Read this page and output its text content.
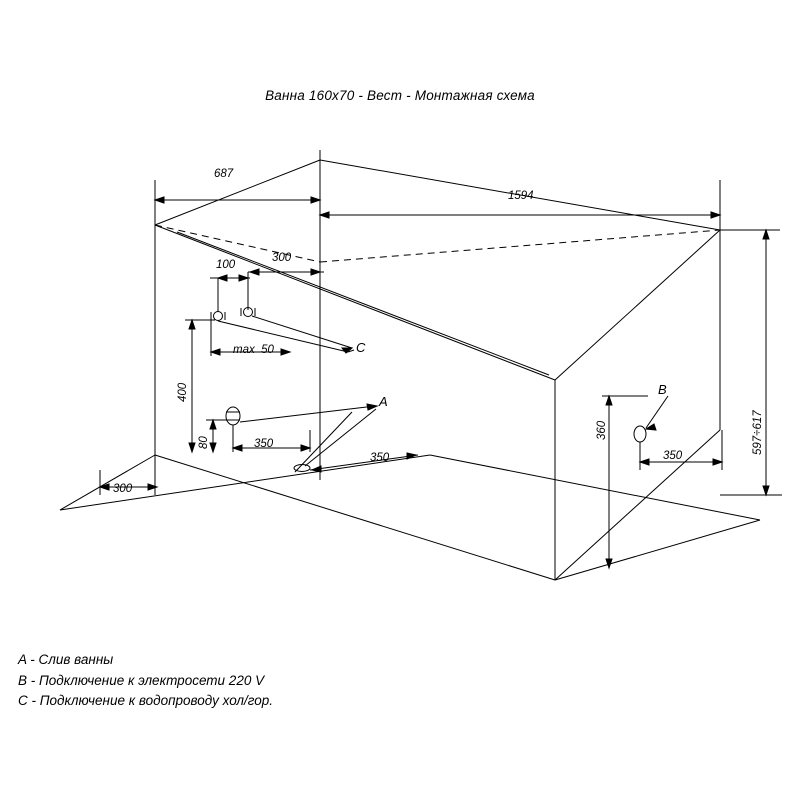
Ванна 160х70 - Вест - Монтажная схема
687
1594
100
300
max  50
400
80	350
300
350
360
350
597÷617
C
A
B
A - Слив ванны
B - Подключение к электросети 220 V
C - Подключение к водопроводу хол/гор.
